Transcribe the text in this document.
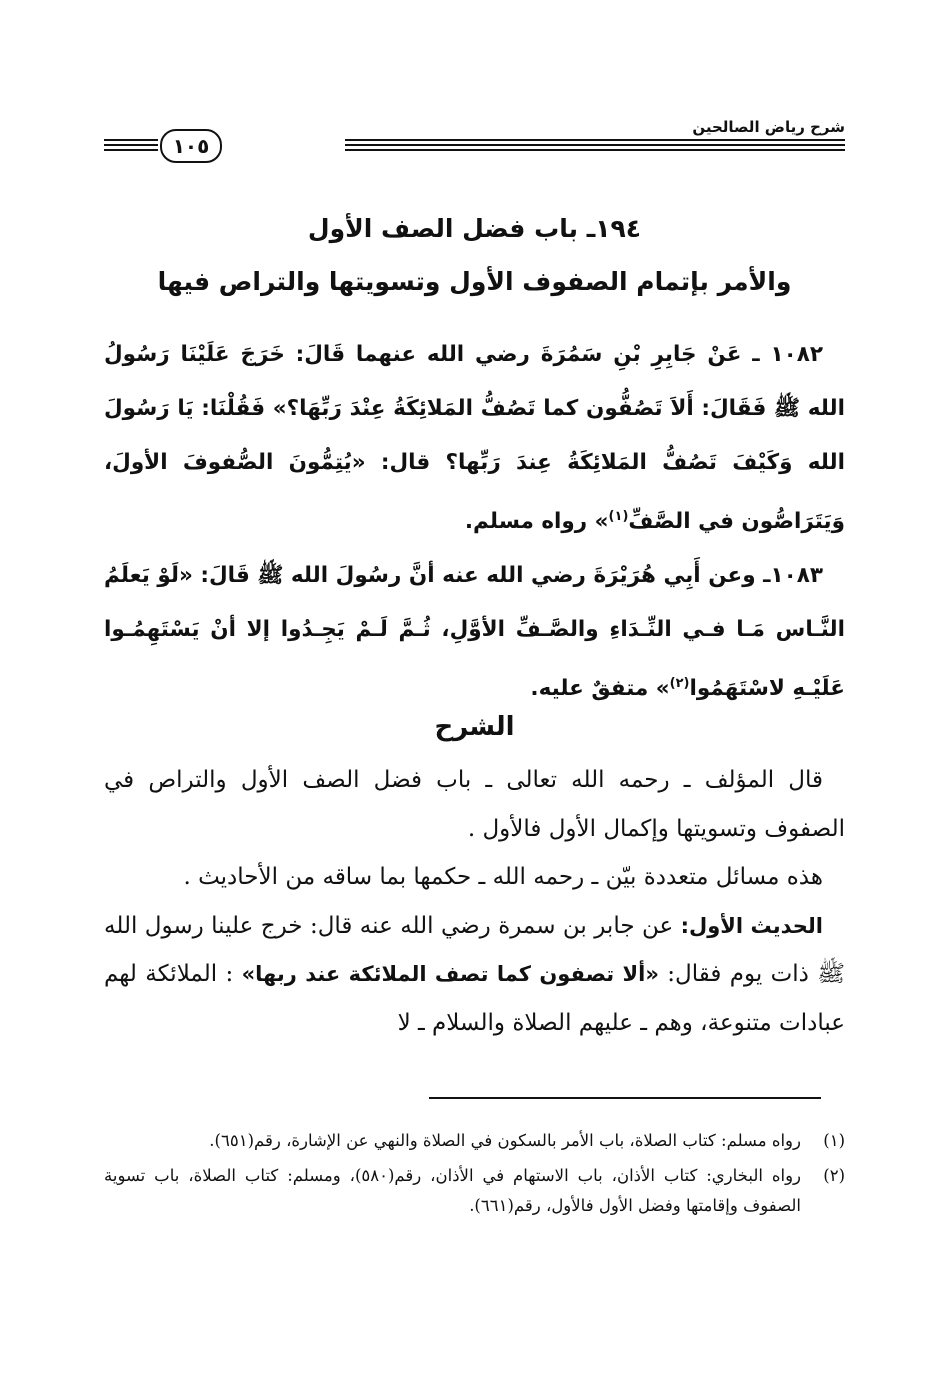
شرح رياض الصالحين
١٠٥
١٩٤ـ باب فضل الصف الأول
والأمر بإتمام الصفوف الأول وتسويتها والتراص فيها

١٠٨٢ ـ عَنْ جَابِرِ بْنِ سَمُرَةَ رضي الله عنهما قَالَ: خَرَجَ عَلَيْنَا رَسُولُ الله ﷺ فَقَالَ: أَلاَ تَصُفُّون كما تَصُفُّ المَلائِكَةُ عِنْدَ رَبِّهَا؟» فَقُلْنَا: يَا رَسُولَ الله وَكَيْفَ تَصُفُّ المَلائِكَةُ عِندَ رَبِّها؟ قال: «يُتِمُّونَ الصُّفوفَ الأولَ، وَيَتَرَاصُّون في الصَّفِّ$^{(١)}$» رواه مسلم.

١٠٨٣ـ وعن أَبِي هُرَيْرَةَ رضي الله عنه أنَّ رسُولَ الله ﷺ قَالَ: «لَوْ يَعلَمُ النَّـاس مَـا فـي النِّـدَاءِ والصَّـفِّ الأوَّلِ، ثُـمَّ لَـمْ يَجِـدُوا إلا أنْ يَسْتَهِمُـوا عَلَيْـهِ لاسْتَهَمُوا$^{(٢)}$» متفقٌ عليه.

الشرح

قال المؤلف ـ رحمه الله تعالى ـ باب فضل الصف الأول والتراص في الصفوف وتسويتها وإكمال الأول فالأول .

هذه مسائل متعددة بيّن ـ رحمه الله ـ حكمها بما ساقه من الأحاديث .

الحديث الأول: عن جابر بن سمرة رضي الله عنه قال: خرج علينا رسول الله ﷺ ذات يوم فقال: «ألا تصفون كما تصف الملائكة عند ربها» : الملائكة لهم عبادات متنوعة، وهم ـ عليهم الصلاة والسلام ـ لا

(١)
رواه مسلم: كتاب الصلاة، باب الأمر بالسكون في الصلاة والنهي عن الإشارة، رقم(٦٥١).
(٢)
رواه البخاري: كتاب الأذان، باب الاستهام في الأذان، رقم(٥٨٠)، ومسلم: كتاب الصلاة، باب تسوية الصفوف وإقامتها وفضل الأول فالأول، رقم(٦٦١).
